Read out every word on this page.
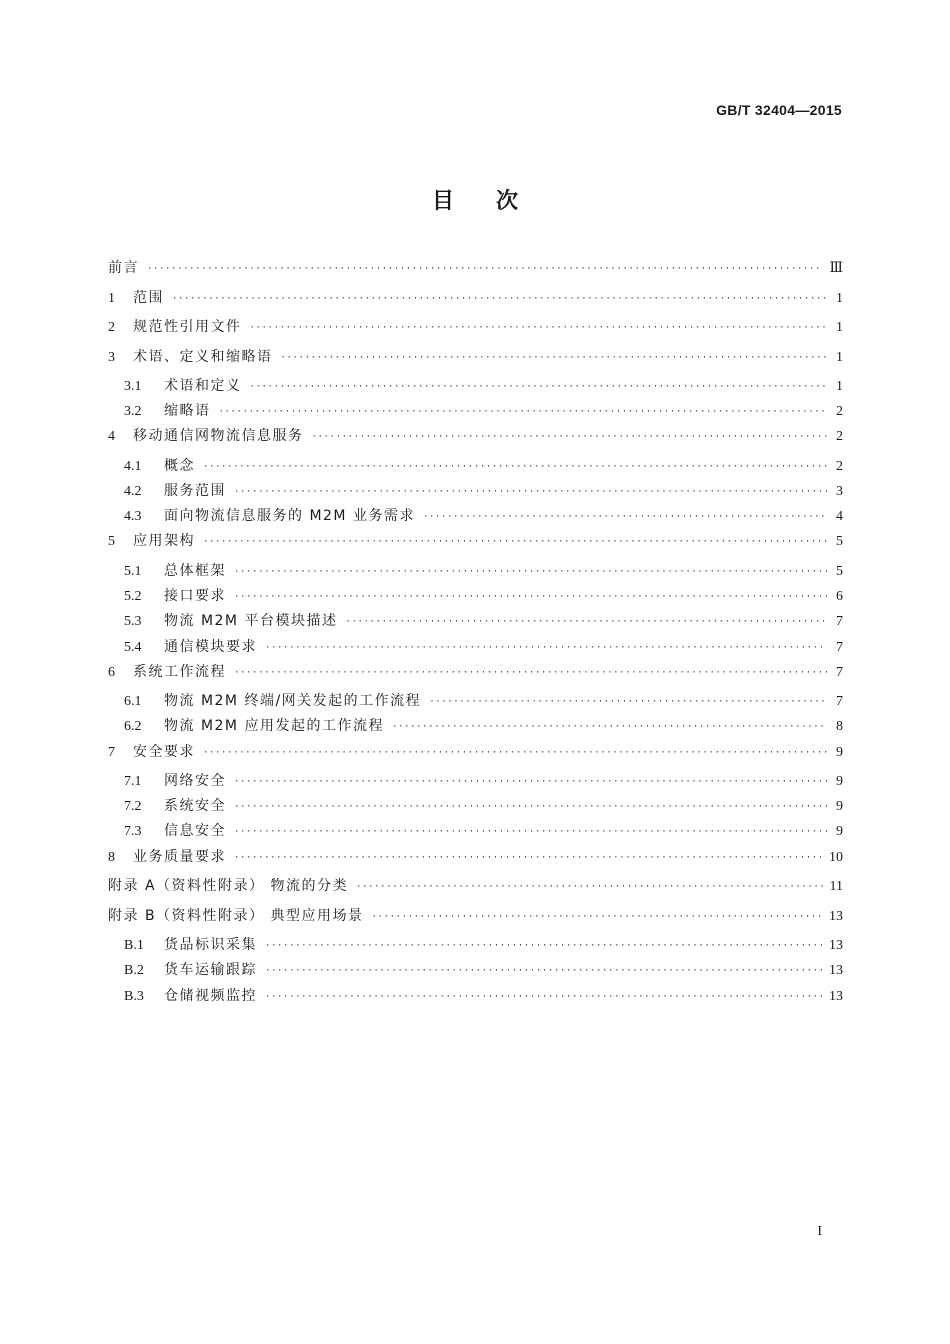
GB/T 32404—2015
目 次
前言 ·····	Ⅲ
1	范围 ·····	1
2	规范性引用文件 ·····	1
3	术语、定义和缩略语 ·····	1
3.1	术语和定义 ·····	1
3.2	缩略语 ·····	2
4	移动通信网物流信息服务 ·····	2
4.1	概念 ·····	2
4.2	服务范围 ·····	3
4.3	面向物流信息服务的 M2M 业务需求 ·····	4
5	应用架构 ·····	5
5.1	总体框架 ·····	5
5.2	接口要求 ·····	6
5.3	物流 M2M 平台模块描述 ·····	7
5.4	通信模块要求 ·····	7
6	系统工作流程 ·····	7
6.1	物流 M2M 终端/网关发起的工作流程 ·····	7
6.2	物流 M2M 应用发起的工作流程 ·····	8
7	安全要求 ·····	9
7.1	网络安全 ·····	9
7.2	系统安全 ·····	9
7.3	信息安全 ·····	9
8	业务质量要求 ·····	10
附录 A（资料性附录） 物流的分类 ·····	11
附录 B（资料性附录） 典型应用场景 ·····	13
B.1	货品标识采集 ·····	13
B.2	货车运输跟踪 ·····	13
B.3	仓储视频监控 ·····	13
I
